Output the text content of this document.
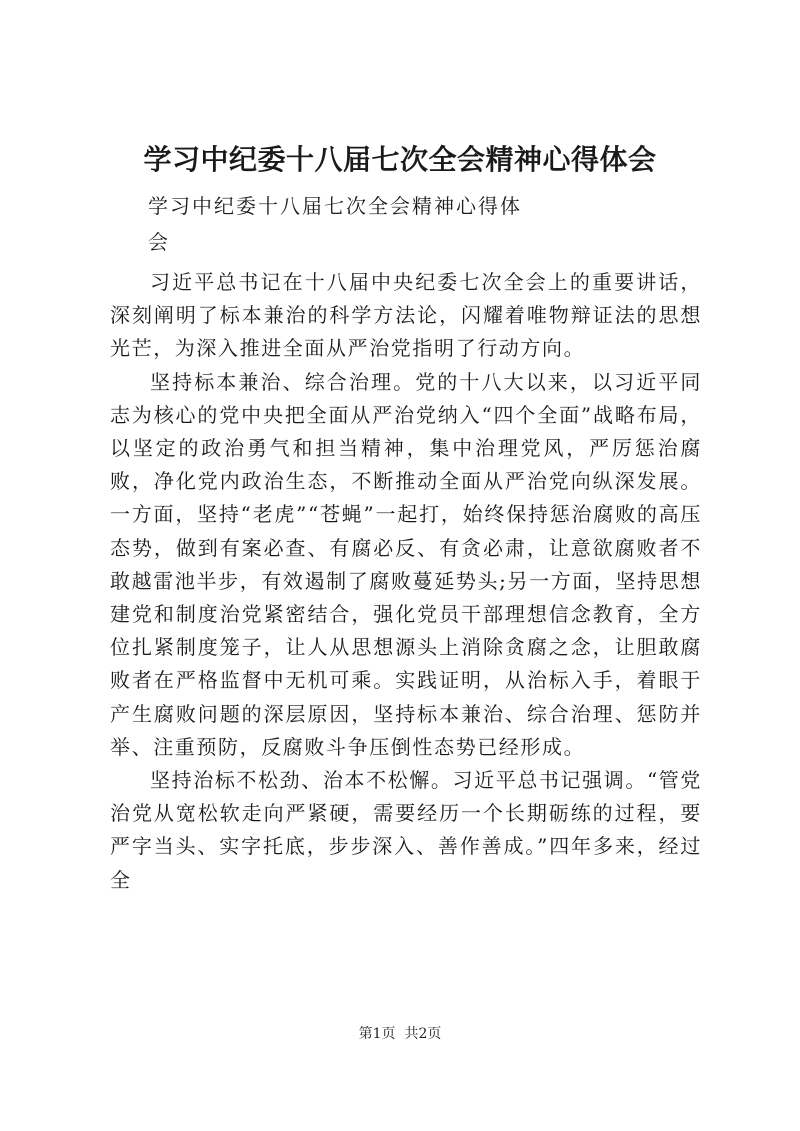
学习中纪委十八届七次全会精神心得体会
学习中纪委十八届七次全会精神心得体
会

习近平总书记在十八届中央纪委七次全会上的重要讲话，深刻阐明了标本兼治的科学方法论，闪耀着唯物辩证法的思想光芒，为深入推进全面从严治党指明了行动方向。

坚持标本兼治、综合治理。党的十八大以来，以习近平同志为核心的党中央把全面从严治党纳入“四个全面”战略布局，以坚定的政治勇气和担当精神，集中治理党风，严厉惩治腐败，净化党内政治生态，不断推动全面从严治党向纵深发展。一方面，坚持“老虎”“苍蝇”一起打，始终保持惩治腐败的高压态势，做到有案必查、有腐必反、有贪必肃，让意欲腐败者不敢越雷池半步，有效遏制了腐败蔓延势头;另一方面，坚持思想建党和制度治党紧密结合，强化党员干部理想信念教育，全方位扎紧制度笼子，让人从思想源头上消除贪腐之念，让胆敢腐败者在严格监督中无机可乘。实践证明，从治标入手，着眼于产生腐败问题的深层原因，坚持标本兼治、综合治理、惩防并举、注重预防，反腐败斗争压倒性态势已经形成。

坚持治标不松劲、治本不松懈。习近平总书记强调。“管党治党从宽松软走向严紧硬，需要经历一个长期砺练的过程，要严字当头、实字托底，步步深入、善作善成。”四年多来，经过全

第1页  共2页
